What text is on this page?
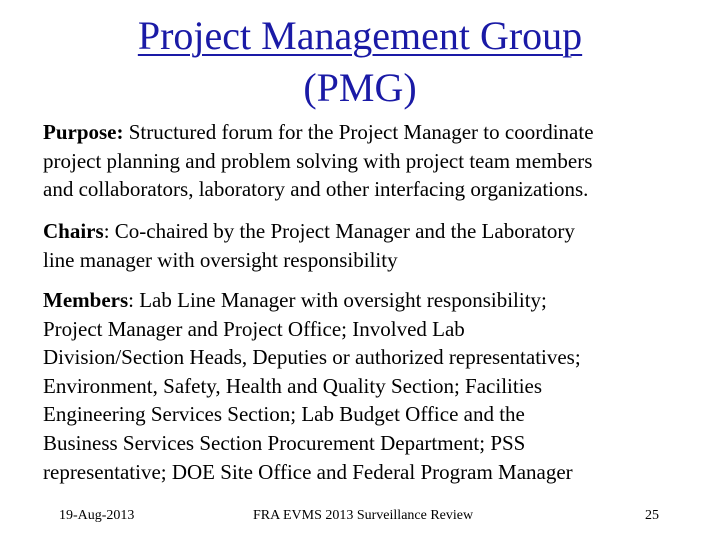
Project Management Group
(PMG)
Purpose: Structured forum for the Project Manager to coordinate
project planning and problem solving with project team members
and collaborators, laboratory and other interfacing organizations.
Chairs: Co-chaired by the Project Manager and the Laboratory
line manager with oversight responsibility
Members: Lab Line Manager with oversight responsibility;
Project Manager and Project Office; Involved Lab
Division/Section Heads, Deputies or authorized representatives;
Environment, Safety, Health and Quality Section; Facilities
Engineering Services Section; Lab Budget Office and the
Business Services Section Procurement Department; PSS
representative; DOE Site Office and Federal Program Manager
19-Aug-2013	FRA EVMS 2013 Surveillance Review	25
